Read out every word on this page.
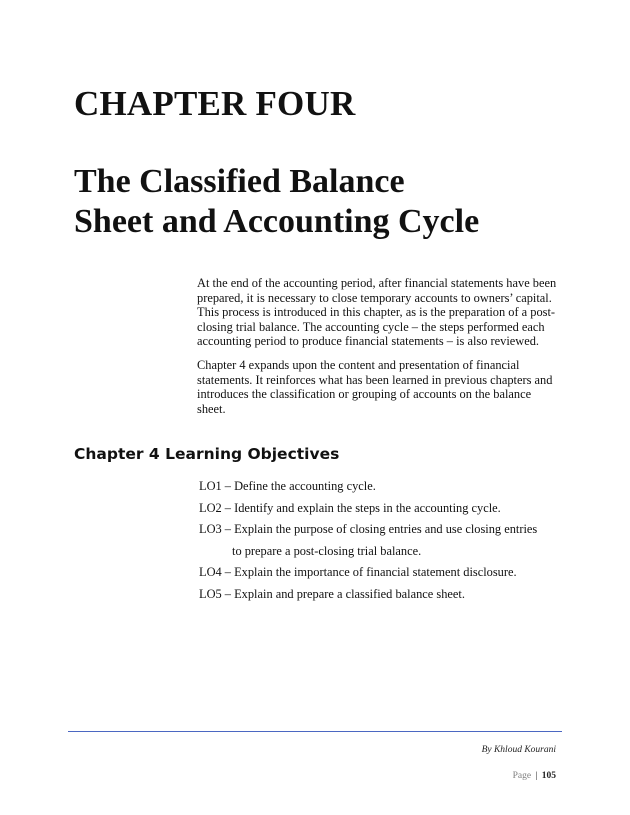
CHAPTER FOUR
The Classified Balance
Sheet and Accounting Cycle

At the end of the accounting period, after financial statements have been prepared, it is necessary to close temporary accounts to owners’ capital. This process is introduced in this chapter, as is the preparation of a post-closing trial balance. The accounting cycle – the steps performed each accounting period to produce financial statements – is also reviewed.

Chapter 4 expands upon the content and presentation of financial statements. It reinforces what has been learned in previous chapters and introduces the classification or grouping of accounts on the balance sheet.

Chapter 4 Learning Objectives
LO1 – Define the accounting cycle.
LO2 – Identify and explain the steps in the accounting cycle.
LO3 – Explain the purpose of closing entries and use closing entries
to prepare a post-closing trial balance.
LO4 – Explain the importance of financial statement disclosure.
LO5 – Explain and prepare a classified balance sheet.
By Khloud Kourani
Page | 105
